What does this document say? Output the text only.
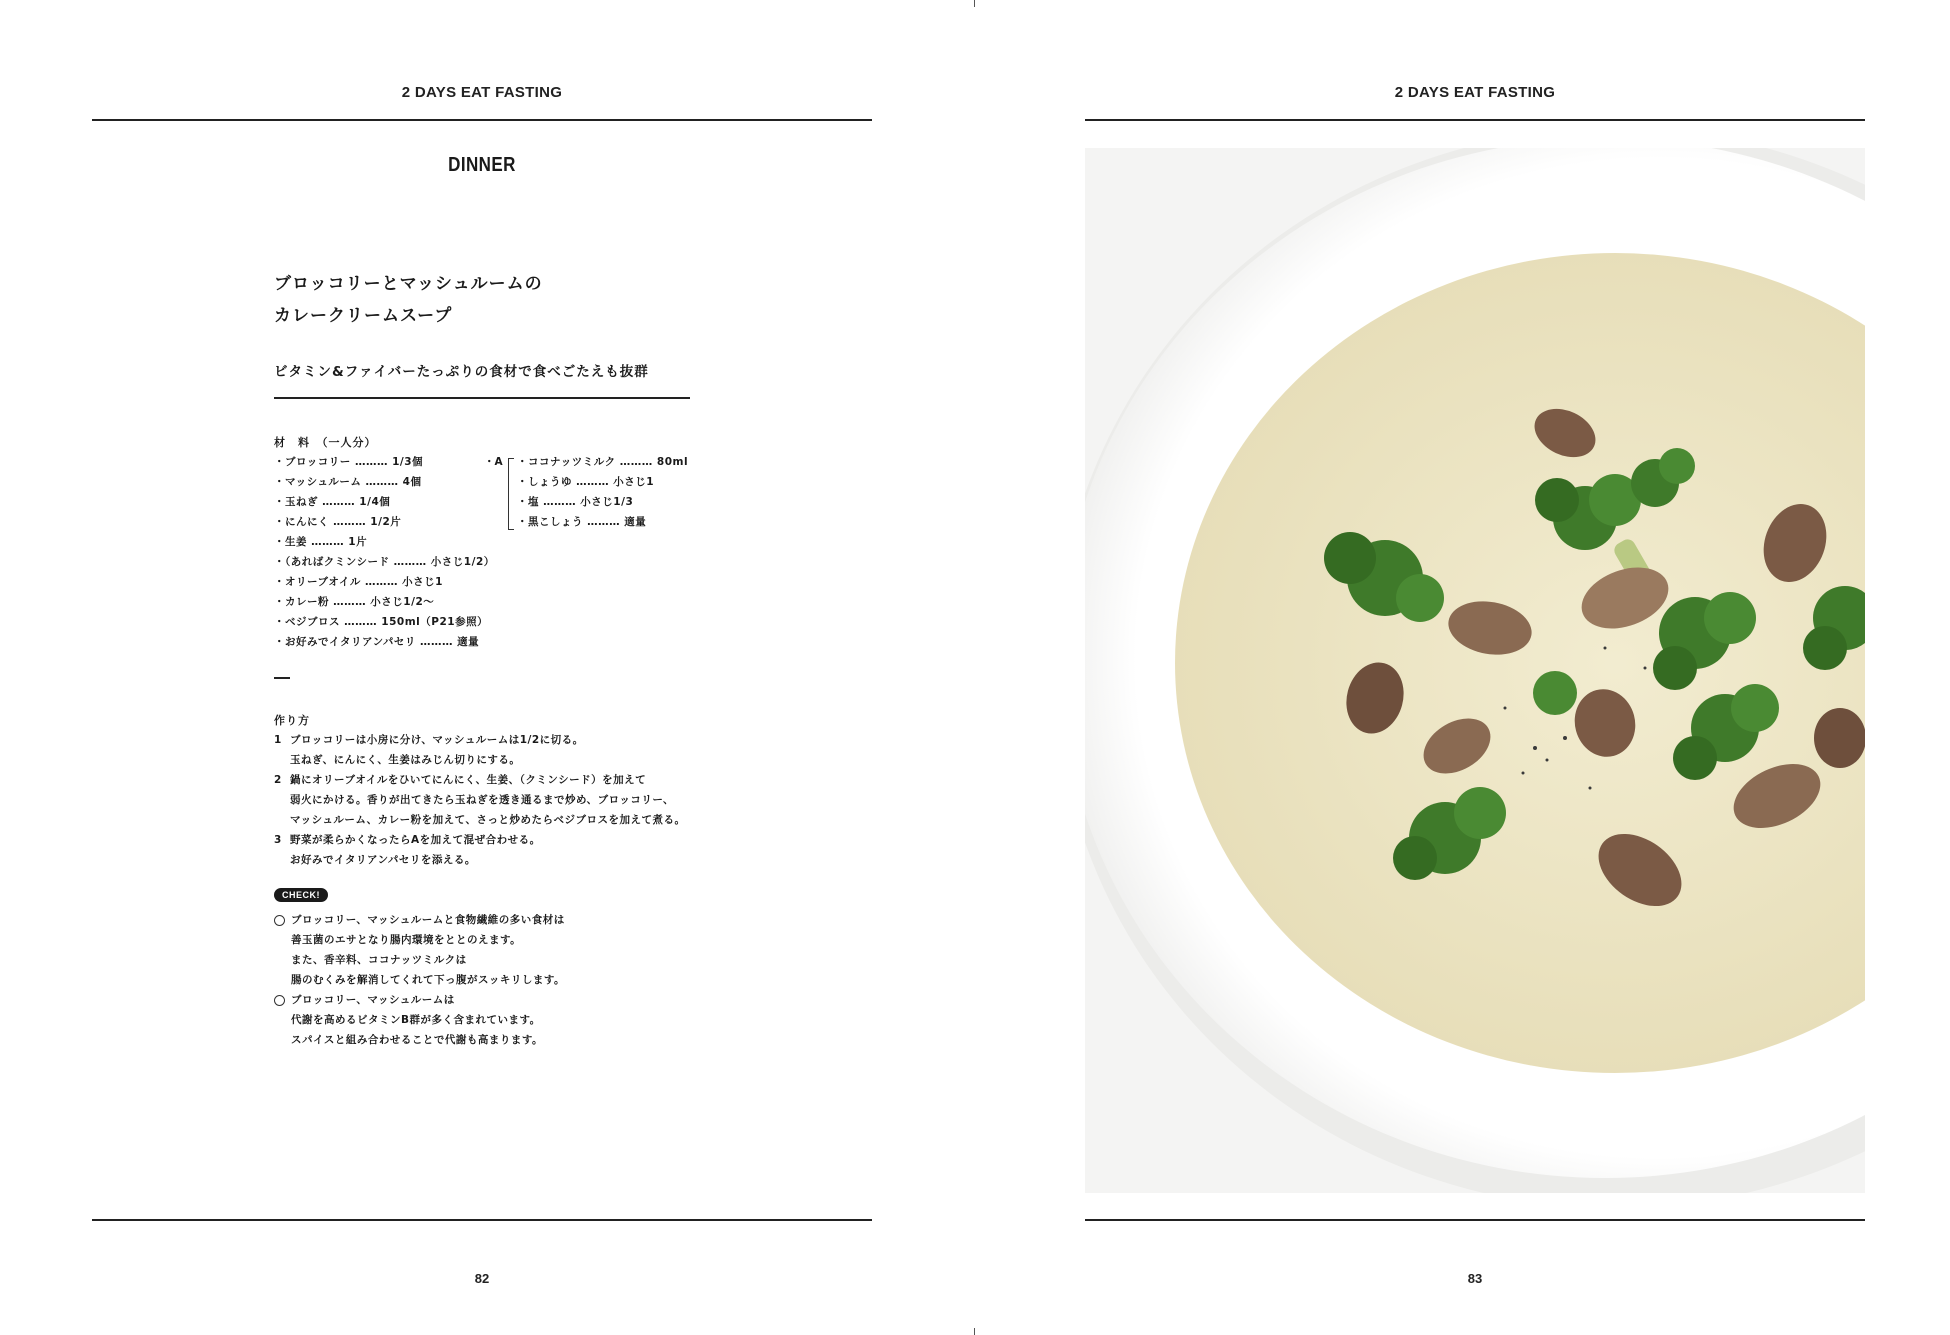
2 DAYS EAT FASTING
DINNER
ブロッコリーとマッシュルームの
カレークリームスープ
ビタミン&ファイバーたっぷりの食材で食べごたえも抜群
材　料　（一人分）
・ブロッコリー ……… 1/3個
・マッシュルーム ……… 4個
・玉ねぎ ……… 1/4個
・にんにく ……… 1/2片
・生姜 ……… 1片
・（あればクミンシード ……… 小さじ1/2）
・オリーブオイル ……… 小さじ1
・カレー粉 ……… 小さじ1/2〜
・ベジブロス ……… 150ml（P21参照）
・お好みでイタリアンパセリ ……… 適量
・A ・ココナッツミルク ……… 80ml
・しょうゆ ……… 小さじ1
・塩 ……… 小さじ1/3
・黒こしょう ……… 適量
作り方
1 ブロッコリーは小房に分け、マッシュルームは1/2に切る。
玉ねぎ、にんにく、生姜はみじん切りにする。
2 鍋にオリーブオイルをひいてにんにく、生姜、（クミンシード）を加えて
弱火にかける。香りが出てきたら玉ねぎを透き通るまで炒め、ブロッコリー、
マッシュルーム、カレー粉を加えて、さっと炒めたらベジブロスを加えて煮る。
3 野菜が柔らかくなったらAを加えて混ぜ合わせる。
お好みでイタリアンパセリを添える。
CHECK!
ブロッコリー、マッシュルームと食物繊維の多い食材は
善玉菌のエサとなり腸内環境をととのえます。
また、香辛料、ココナッツミルクは
腸のむくみを解消してくれて下っ腹がスッキリします。
ブロッコリー、マッシュルームは
代謝を高めるビタミンB群が多く含まれています。
スパイスと組み合わせることで代謝も高まります。
82
2 DAYS EAT FASTING
83
